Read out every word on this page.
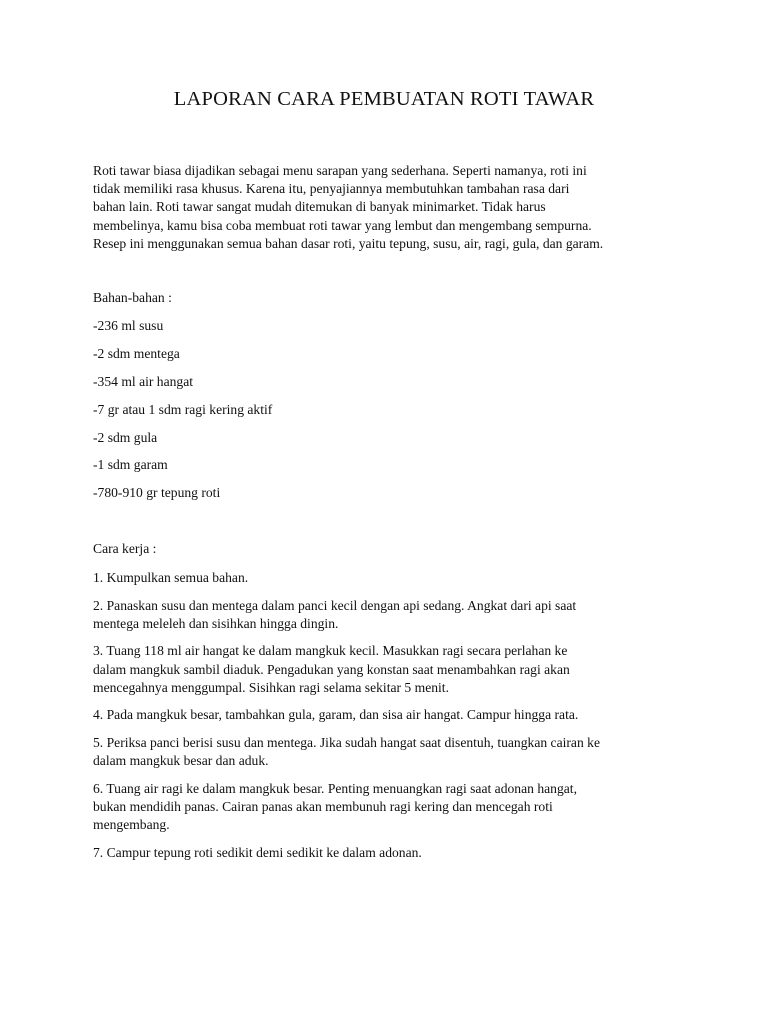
LAPORAN CARA PEMBUATAN ROTI TAWAR

Roti tawar biasa dijadikan sebagai menu sarapan yang sederhana. Seperti namanya, roti ini
tidak memiliki rasa khusus. Karena itu, penyajiannya membutuhkan tambahan rasa dari
bahan lain. Roti tawar sangat mudah ditemukan di banyak minimarket. Tidak harus
membelinya, kamu bisa coba membuat roti tawar yang lembut dan mengembang sempurna.
Resep ini menggunakan semua bahan dasar roti, yaitu tepung, susu, air, ragi, gula, dan garam.

Bahan-bahan :

-236 ml susu
-2 sdm mentega
-354 ml air hangat
-7 gr atau 1 sdm ragi kering aktif
-2 sdm gula
-1 sdm garam
-780-910 gr tepung roti

Cara kerja :

1. Kumpulkan semua bahan.
2. Panaskan susu dan mentega dalam panci kecil dengan api sedang. Angkat dari api saat
mentega meleleh dan sisihkan hingga dingin.
3. Tuang 118 ml air hangat ke dalam mangkuk kecil. Masukkan ragi secara perlahan ke
dalam mangkuk sambil diaduk. Pengadukan yang konstan saat menambahkan ragi akan
mencegahnya menggumpal. Sisihkan ragi selama sekitar 5 menit.
4. Pada mangkuk besar, tambahkan gula, garam, dan sisa air hangat. Campur hingga rata.
5. Periksa panci berisi susu dan mentega. Jika sudah hangat saat disentuh, tuangkan cairan ke
dalam mangkuk besar dan aduk.
6. Tuang air ragi ke dalam mangkuk besar. Penting menuangkan ragi saat adonan hangat,
bukan mendidih panas. Cairan panas akan membunuh ragi kering dan mencegah roti
mengembang.
7. Campur tepung roti sedikit demi sedikit ke dalam adonan.
